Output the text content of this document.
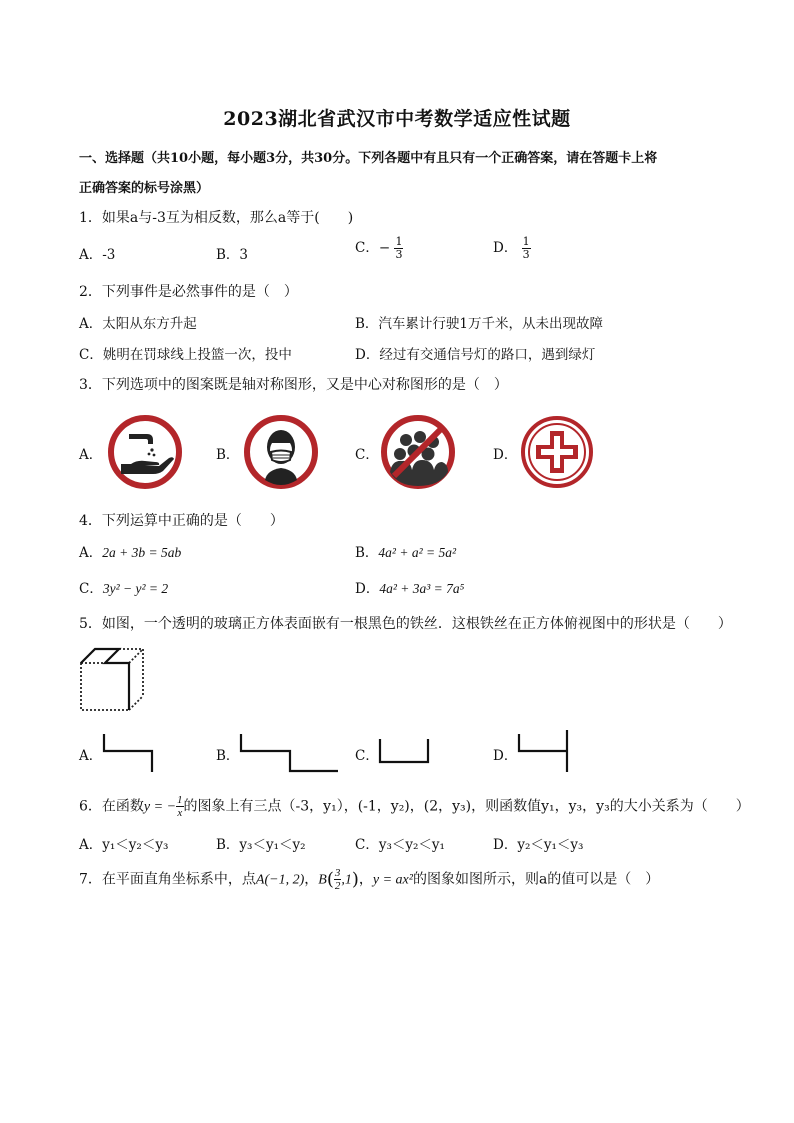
2023湖北省武汉市中考数学适应性试题
一、选择题（共10小题，每小题3分，共30分。下列各题中有且只有一个正确答案，请在答题卡上将
正确答案的标号涂黑）
1．如果a与-3互为相反数，那么a等于(　　)
A．-3	B．3	C．− $\frac{1}{3}$	D． $\frac{1}{3}$
2．下列事件是必然事件的是（　）
A．太阳从东方升起	B．汽车累计行驶1万千米，从未出现故障
C．姚明在罚球线上投篮一次，投中	D．经过有交通信号灯的路口，遇到绿灯
3．下列选项中的图案既是轴对称图形，又是中心对称图形的是（　）
A．	B．	C．	D．
4．下列运算中正确的是（　　）
A．2a + 3b = 5ab	B．4a² + a² = 5a²
C．3y² − y² = 2	D．4a² + 3a³ = 7a⁵
5．如图，一个透明的玻璃正方体表面嵌有一根黑色的铁丝．这根铁丝在正方体俯视图中的形状是（　　）
A．	B．	C．	D．
6．在函数y = − $\frac{1}{x}$ 的图象上有三点（-3，y₁），(-1，y₂)，(2，y₃)，则函数值y₁，y₃，y₃的大小关系为（　　）
A．y₁＜y₂＜y₃	B．y₃＜y₁＜y₂	C．y₃＜y₂＜y₁	D．y₂＜y₁＜y₃
7．在平面直角坐标系中，点A(−1, 2)，$B( \frac{3}{2} ,1)$，y = ax²的图象如图所示，则a的值可以是（　）
